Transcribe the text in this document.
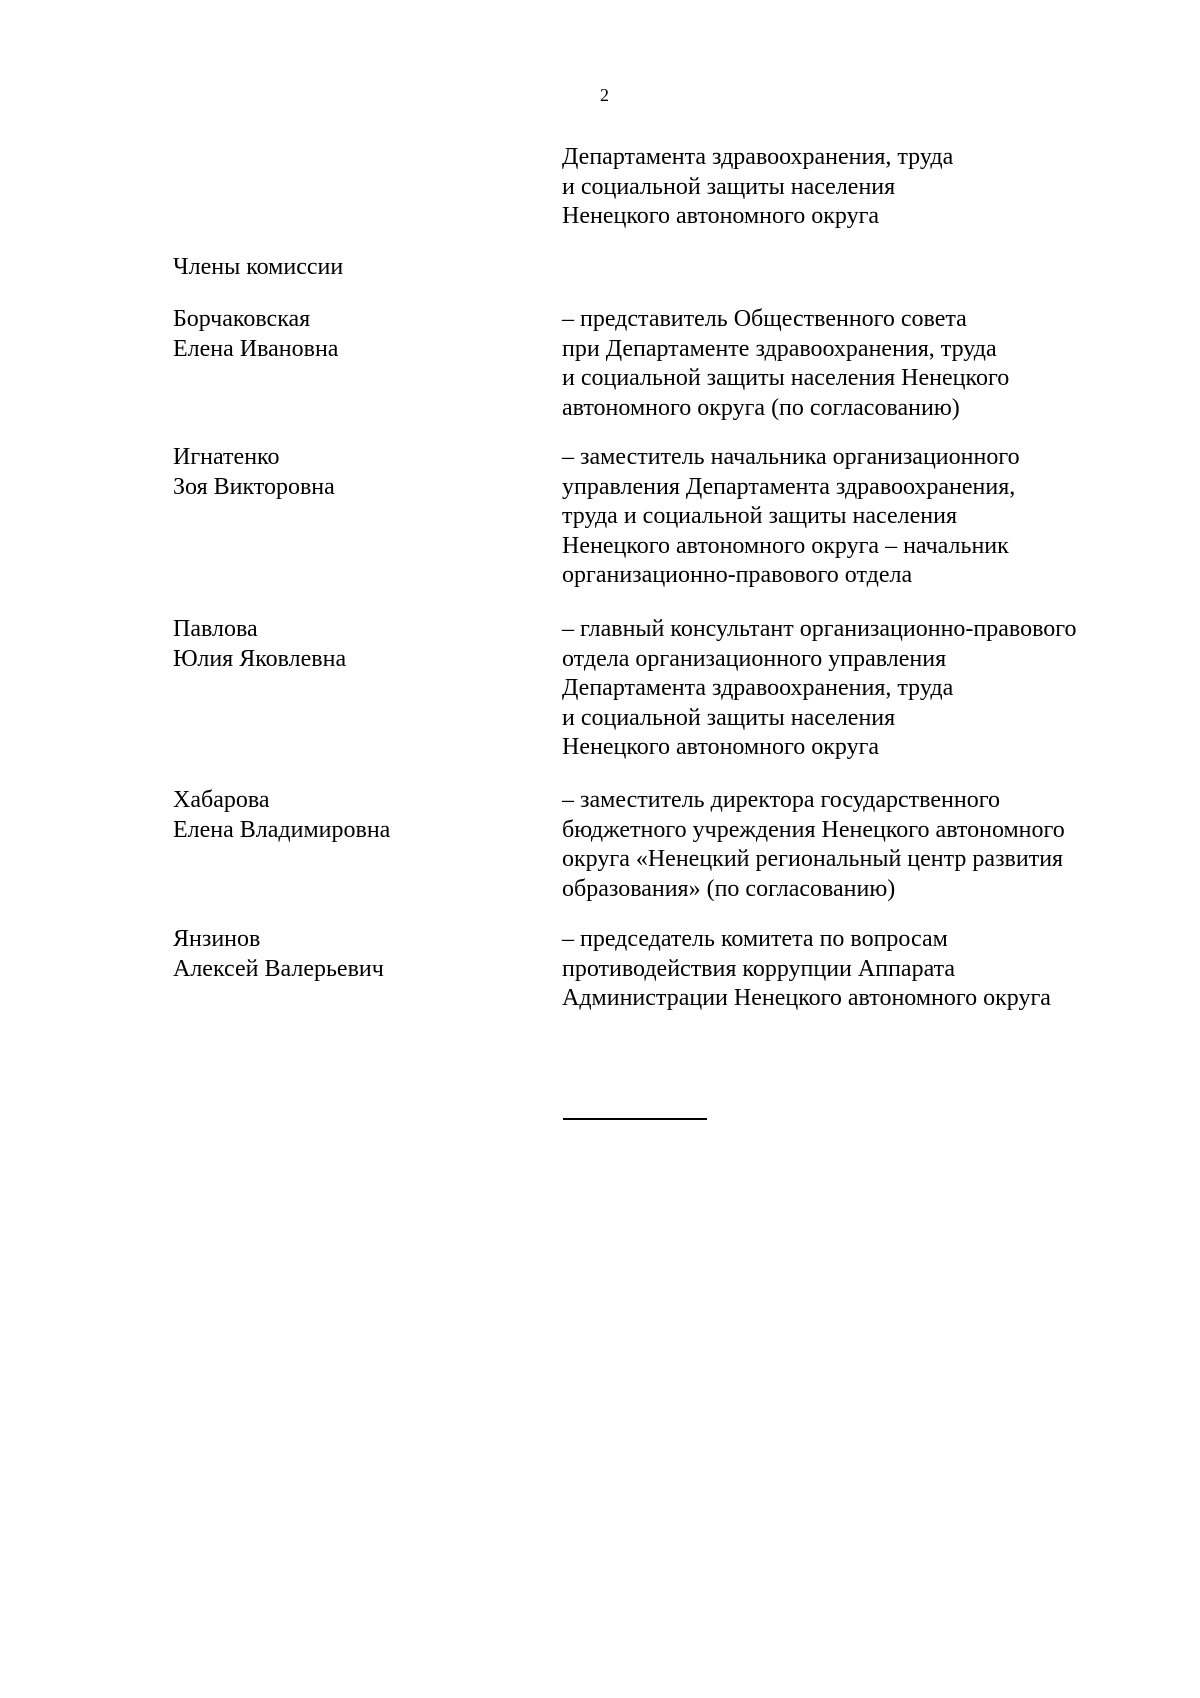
2
Департамента здравоохранения, труда
и социальной защиты населения
Ненецкого автономного округа
Члены комиссии
Борчаковская
Елена Ивановна
– представитель Общественного совета
при Департаменте здравоохранения, труда
и социальной защиты населения Ненецкого
автономного округа (по согласованию)
Игнатенко
Зоя Викторовна
– заместитель начальника организационного
управления Департамента здравоохранения,
труда и социальной защиты населения
Ненецкого автономного округа – начальник
организационно-правового отдела
Павлова
Юлия Яковлевна
– главный консультант организационно-правового
отдела организационного управления
Департамента здравоохранения, труда
и социальной защиты населения
Ненецкого автономного округа
Хабарова
Елена Владимировна
– заместитель директора государственного
бюджетного учреждения Ненецкого автономного
округа «Ненецкий региональный центр развития
образования» (по согласованию)
Янзинов
Алексей Валерьевич
– председатель комитета по вопросам
противодействия коррупции Аппарата
Администрации Ненецкого автономного округа
